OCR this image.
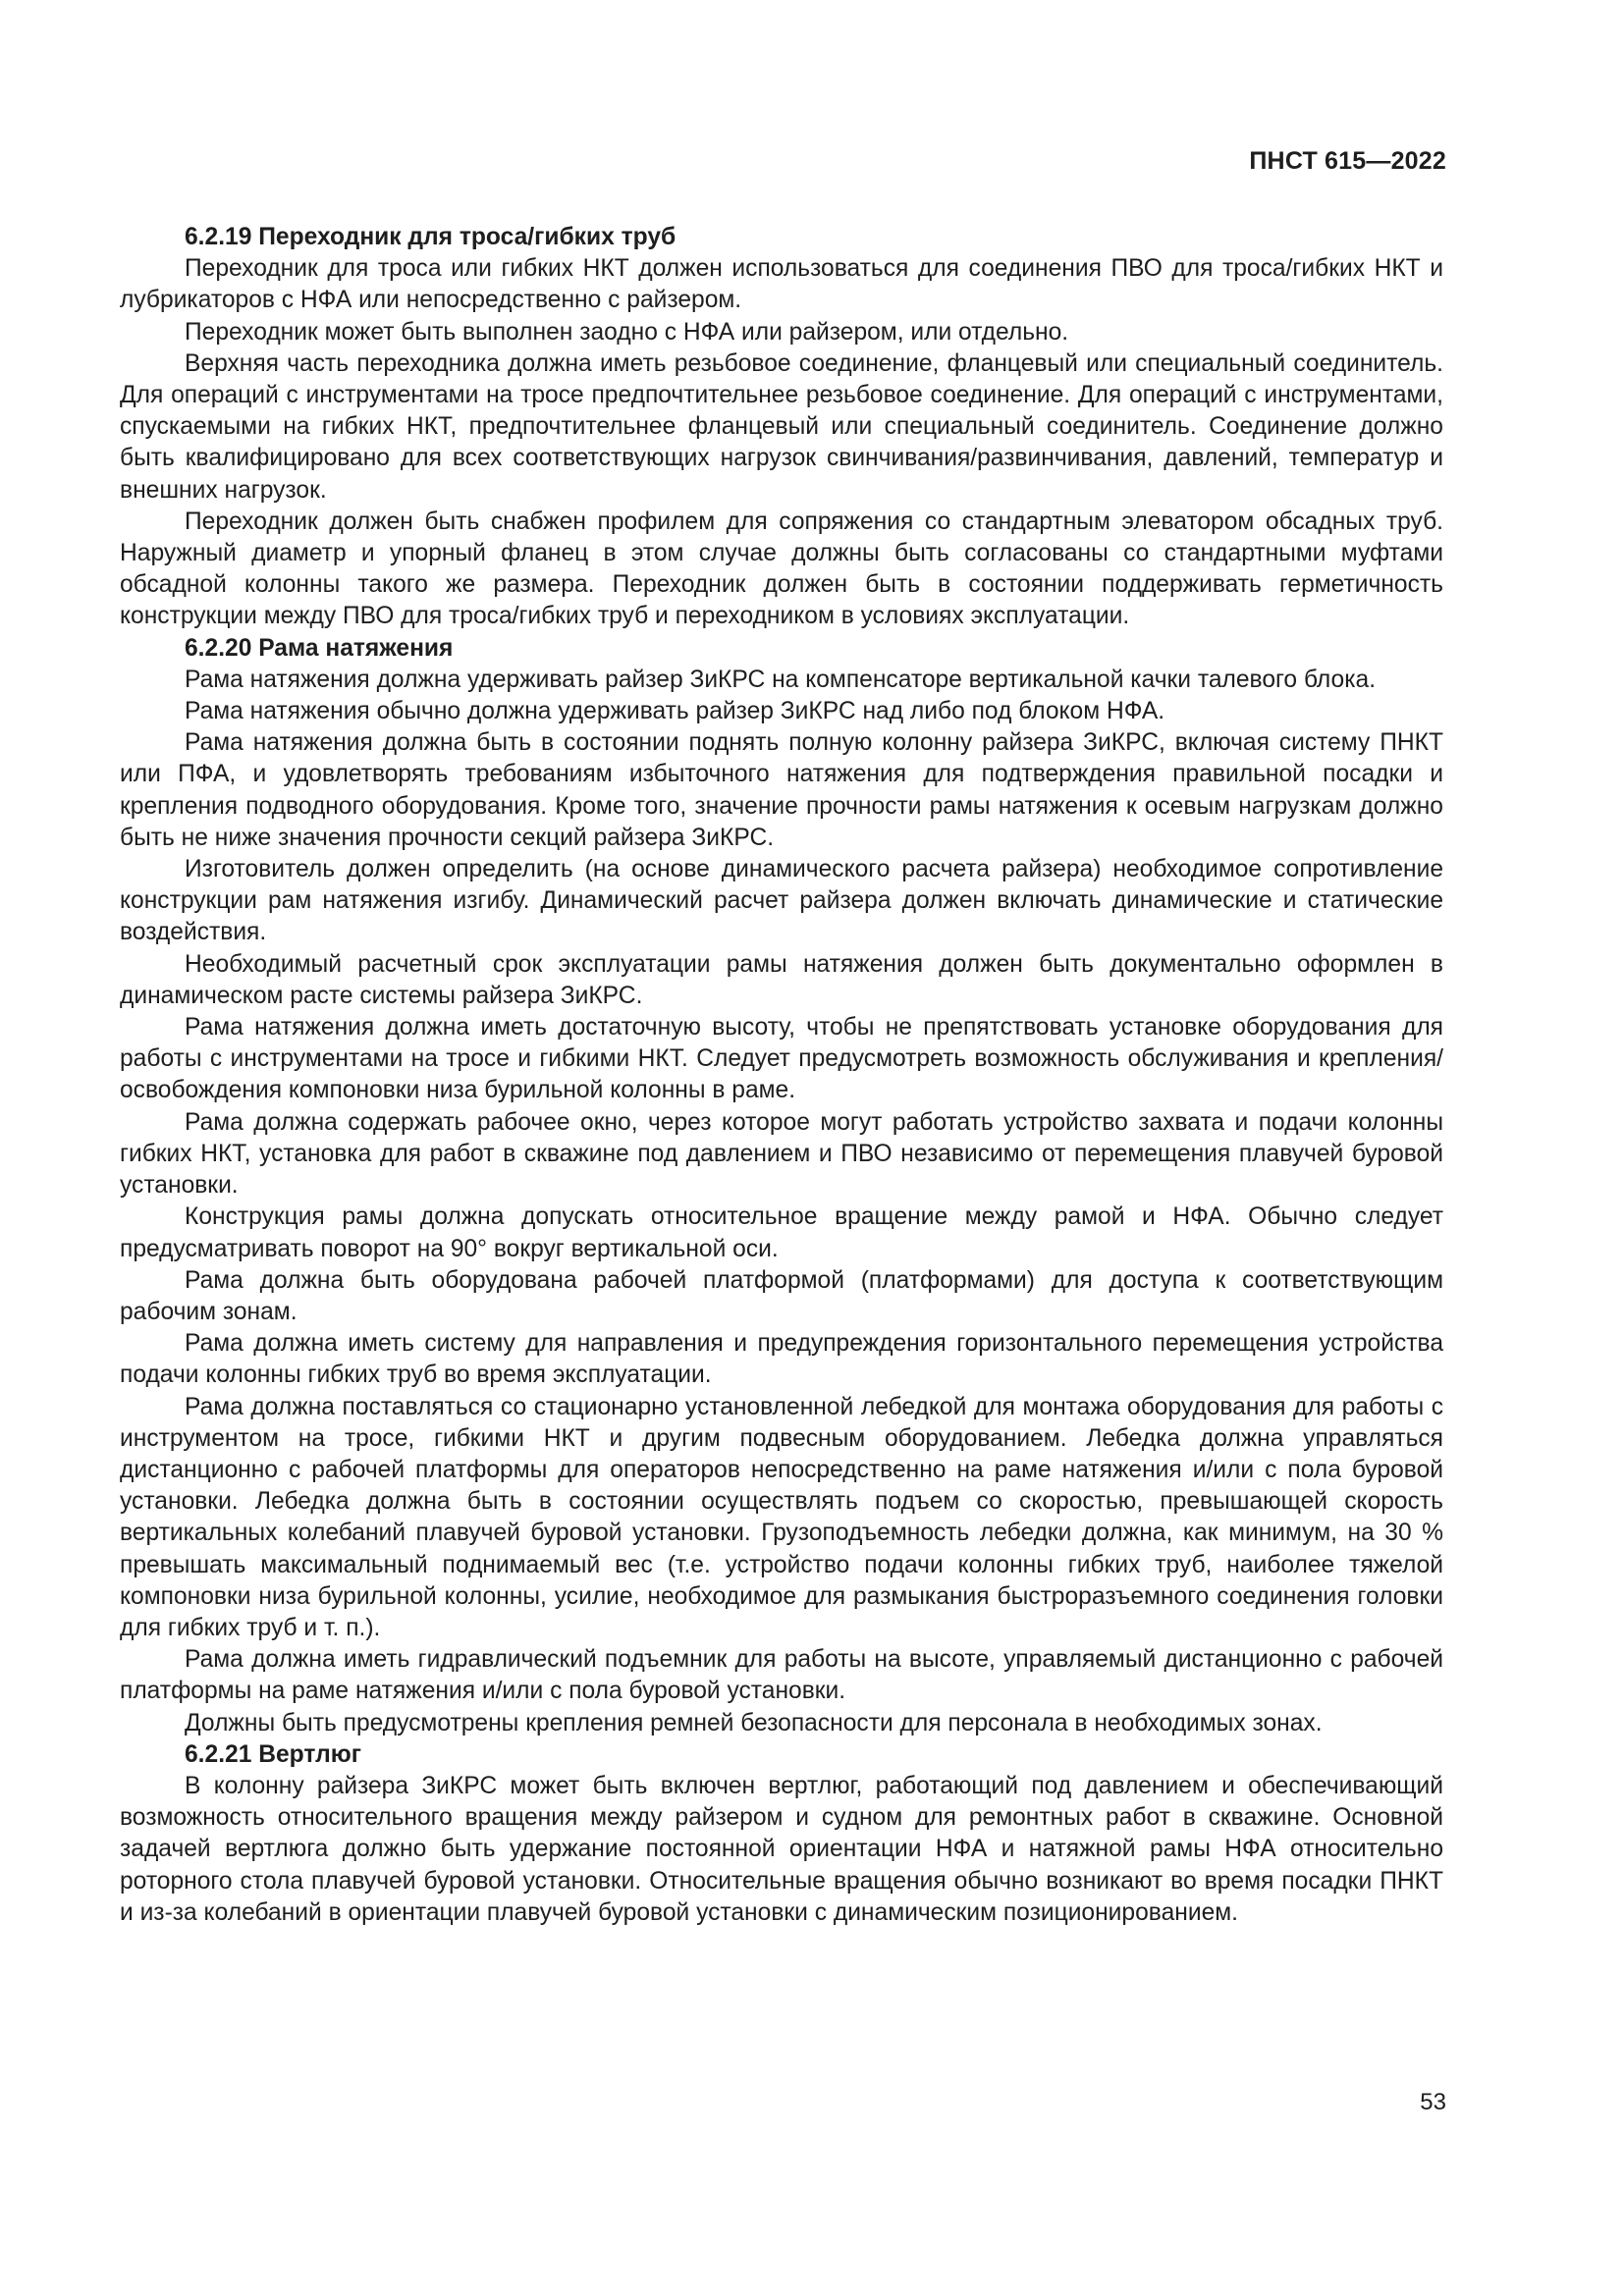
ПНСТ 615—2022
6.2.19 Переходник для троса/гибких труб

Переходник для троса или гибких НКТ должен использоваться для соединения ПВО для троса/гибких НКТ и лубрикаторов с НФА или непосредственно с райзером.

Переходник может быть выполнен заодно с НФА или райзером, или отдельно.

Верхняя часть переходника должна иметь резьбовое соединение, фланцевый или специальный соединитель. Для операций с инструментами на тросе предпочтительнее резьбовое соединение. Для операций с инструментами, спускаемыми на гибких НКТ, предпочтительнее фланцевый или специальный соединитель. Соединение должно быть квалифицировано для всех соответствующих нагрузок свинчивания/развинчивания, давлений, температур и внешних нагрузок.

Переходник должен быть снабжен профилем для сопряжения со стандартным элеватором обсадных труб. Наружный диаметр и упорный фланец в этом случае должны быть согласованы со стандартными муфтами обсадной колонны такого же размера. Переходник должен быть в состоянии поддерживать герметичность конструкции между ПВО для троса/гибких труб и переходником в условиях эксплуатации.

6.2.20 Рама натяжения

Рама натяжения должна удерживать райзер ЗиКРС на компенсаторе вертикальной качки талевого блока.

Рама натяжения обычно должна удерживать райзер ЗиКРС над либо под блоком НФА.

Рама натяжения должна быть в состоянии поднять полную колонну райзера ЗиКРС, включая систему ПНКТ или ПФА, и удовлетворять требованиям избыточного натяжения для подтверждения правильной посадки и крепления подводного оборудования. Кроме того, значение прочности рамы натяжения к осевым нагрузкам должно быть не ниже значения прочности секций райзера ЗиКРС.

Изготовитель должен определить (на основе динамического расчета райзера) необходимое сопротивление конструкции рам натяжения изгибу. Динамический расчет райзера должен включать динамические и статические воздействия.

Необходимый расчетный срок эксплуатации рамы натяжения должен быть документально оформлен в динамическом расте системы райзера ЗиКРС.

Рама натяжения должна иметь достаточную высоту, чтобы не препятствовать установке оборудования для работы с инструментами на тросе и гибкими НКТ. Следует предусмотреть возможность обслуживания и крепления/освобождения компоновки низа бурильной колонны в раме.

Рама должна содержать рабочее окно, через которое могут работать устройство захвата и подачи колонны гибких НКТ, установка для работ в скважине под давлением и ПВО независимо от перемещения плавучей буровой установки.

Конструкция рамы должна допускать относительное вращение между рамой и НФА. Обычно следует предусматривать поворот на 90° вокруг вертикальной оси.

Рама должна быть оборудована рабочей платформой (платформами) для доступа к соответствующим рабочим зонам.

Рама должна иметь систему для направления и предупреждения горизонтального перемещения устройства подачи колонны гибких труб во время эксплуатации.

Рама должна поставляться со стационарно установленной лебедкой для монтажа оборудования для работы с инструментом на тросе, гибкими НКТ и другим подвесным оборудованием. Лебедка должна управляться дистанционно с рабочей платформы для операторов непосредственно на раме натяжения и/или с пола буровой установки. Лебедка должна быть в состоянии осуществлять подъем со скоростью, превышающей скорость вертикальных колебаний плавучей буровой установки. Грузоподъемность лебедки должна, как минимум, на 30 % превышать максимальный поднимаемый вес (т.е. устройство подачи колонны гибких труб, наиболее тяжелой компоновки низа бурильной колонны, усилие, необходимое для размыкания быстроразъемного соединения головки для гибких труб и т. п.).

Рама должна иметь гидравлический подъемник для работы на высоте, управляемый дистанционно с рабочей платформы на раме натяжения и/или с пола буровой установки.

Должны быть предусмотрены крепления ремней безопасности для персонала в необходимых зонах.

6.2.21 Вертлюг

В колонну райзера ЗиКРС может быть включен вертлюг, работающий под давлением и обеспечивающий возможность относительного вращения между райзером и судном для ремонтных работ в скважине. Основной задачей вертлюга должно быть удержание постоянной ориентации НФА и натяжной рамы НФА относительно роторного стола плавучей буровой установки. Относительные вращения обычно возникают во время посадки ПНКТ и из-за колебаний в ориентации плавучей буровой установки с динамическим позиционированием.

53
